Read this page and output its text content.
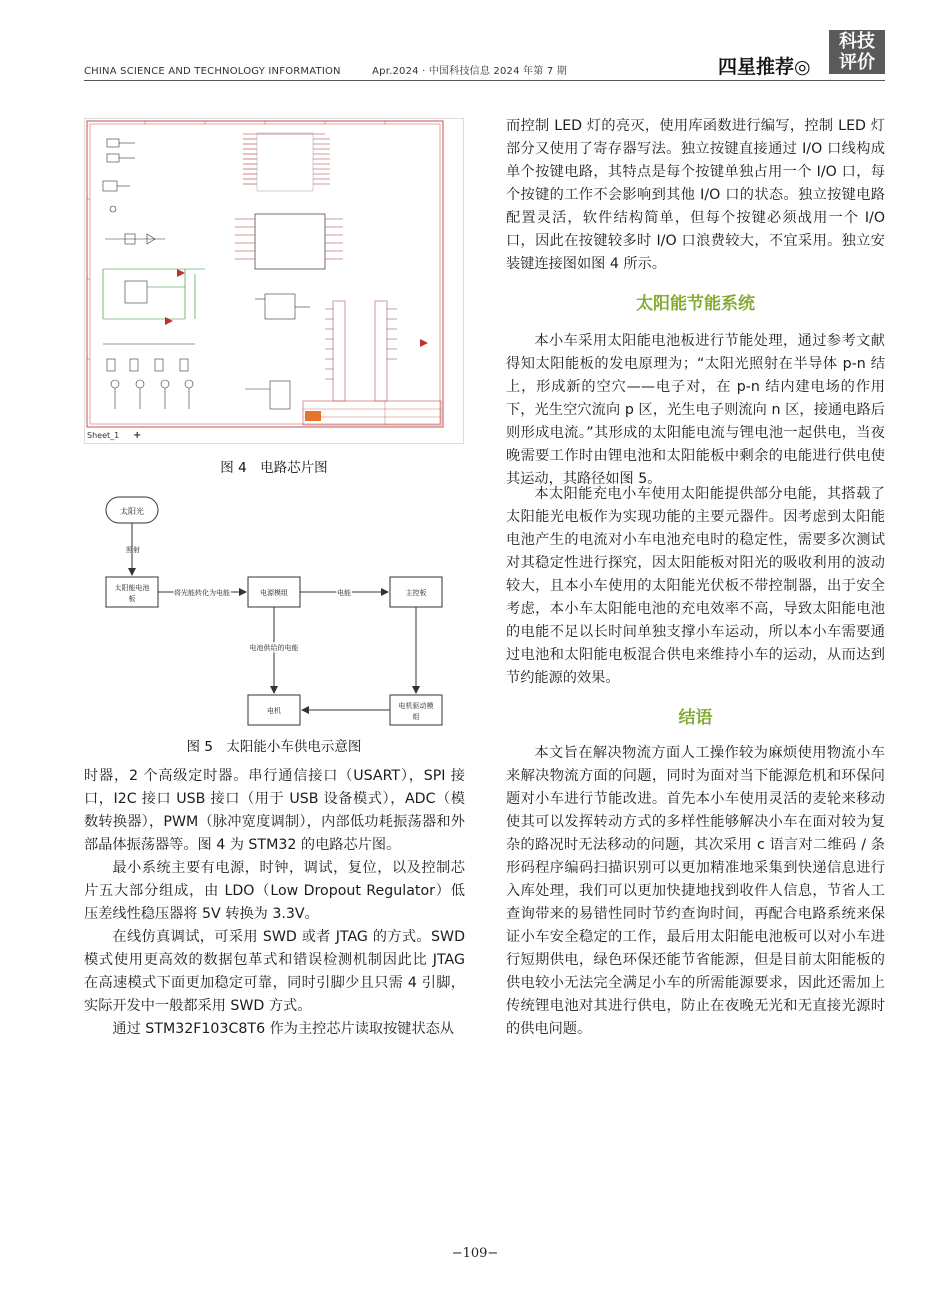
CHINA SCIENCE AND TECHNOLOGY INFORMATION	Apr.2024 · 中国科技信息 2024 年第 7 期	四星推荐◎
科技
评价
Sheet_1 +
图 4　电路芯片图
太阳光
照射
太阳能电池
板
将光能转化为电能	电源模组	电能	主控板
电池供给的电能
电机
电机驱动模
组
图 5　太阳能小车供电示意图

时器，2 个高级定时器。串行通信接口（USART），SPI 接口，I2C 接口 USB 接口（用于 USB 设备模式），ADC（模数转换器），PWM（脉冲宽度调制），内部低功耗振荡器和外部晶体振荡器等。图 4 为 STM32 的电路芯片图。

最小系统主要有电源，时钟，调试，复位，以及控制芯片五大部分组成，由 LDO（Low Dropout Regulator）低压差线性稳压器将 5V 转换为 3.3V。

在线仿真调试，可采用 SWD 或者 JTAG 的方式。SWD 模式使用更高效的数据包革式和错误检测机制因此比 JTAG 在高速模式下面更加稳定可靠，同时引脚少且只需 4 引脚，实际开发中一般都采用 SWD 方式。

通过 STM32F103C8T6 作为主控芯片读取按键状态从

而控制 LED 灯的亮灭，使用库函数进行编写，控制 LED 灯部分又使用了寄存器写法。独立按键直接通过 I/O 口线构成单个按键电路，其特点是每个按键单独占用一个 I/O 口，每个按键的工作不会影响到其他 I/O 口的状态。独立按键电路配置灵活，软件结构简单，但每个按键必须战用一个 I/O 口，因此在按键较多时 I/O 口浪费较大，不宜采用。独立安装键连接图如图 4 所示。

太阳能节能系统

本小车采用太阳能电池板进行节能处理，通过参考文献得知太阳能板的发电原理为；“太阳光照射在半导体 p-n 结上，形成新的空穴——电子对，在 p-n 结内建电场的作用下，光生空穴流向 p 区，光生电子则流向 n 区，接通电路后则形成电流。”其形成的太阳能电流与锂电池一起供电，当夜晚需要工作时由锂电池和太阳能板中剩余的电能进行供电使其运动，其路径如图 5。

本太阳能充电小车使用太阳能提供部分电能，其搭载了太阳能光电板作为实现功能的主要元器件。因考虑到太阳能电池产生的电流对小车电池充电时的稳定性，需要多次测试对其稳定性进行探究，因太阳能板对阳光的吸收利用的波动较大，且本小车使用的太阳能光伏板不带控制器，出于安全考虑，本小车太阳能电池的充电效率不高，导致太阳能电池的电能不足以长时间单独支撑小车运动，所以本小车需要通过电池和太阳能电板混合供电来维持小车的运动，从而达到节约能源的效果。

结语

本文旨在解决物流方面人工操作较为麻烦使用物流小车来解决物流方面的问题，同时为面对当下能源危机和环保问题对小车进行节能改进。首先本小车使用灵活的麦轮来移动使其可以发挥转动方式的多样性能够解决小车在面对较为复杂的路况时无法移动的问题，其次采用 c 语言对二维码 / 条形码程序编码扫描识别可以更加精准地采集到快递信息进行入库处理，我们可以更加快捷地找到收件人信息，节省人工查询带来的易错性同时节约查询时间，再配合电路系统来保证小车安全稳定的工作，最后用太阳能电池板可以对小车进行短期供电，绿色环保还能节省能源，但是目前太阳能板的供电较小无法完全满足小车的所需能源要求，因此还需加上传统锂电池对其进行供电，防止在夜晚无光和无直接光源时的供电问题。

−109−
